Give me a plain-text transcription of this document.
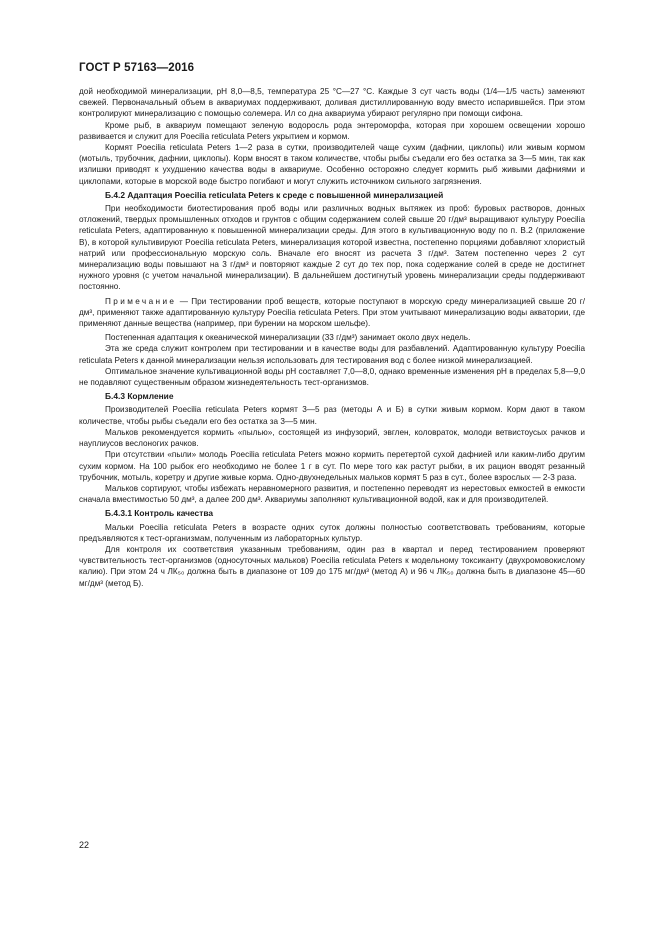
ГОСТ Р 57163—2016

дой необходимой минерализации, pH 8,0—8,5, температура 25 °С—27 °С. Каждые 3 сут часть воды (1/4—1/5 часть) заменяют свежей. Первоначальный объем в аквариумах поддерживают, доливая дистиллированную воду вместо испарившейся. При этом контролируют минерализацию с помощью солемера. Ил со дна аквариума убирают регулярно при помощи сифона.

Кроме рыб, в аквариум помещают зеленую водоросль рода энтероморфа, которая при хорошем освещении хорошо развивается и служит для Poecilia reticulata Peters укрытием и кормом.

Кормят Poecilia reticulata Peters 1—2 раза в сутки, производителей чаще сухим (дафнии, циклопы) или живым кормом (мотыль, трубочник, дафнии, циклопы). Корм вносят в таком количестве, чтобы рыбы съедали его без остатка за 3—5 мин, так как излишки приводят к ухудшению качества воды в аквариуме. Особенно осторожно следует кормить рыб живыми дафниями и циклопами, которые в морской воде быстро погибают и могут служить источником сильного загрязнения.

Б.4.2 Адаптация Poecilia reticulata Peters к среде с повышенной минерализацией

При необходимости биотестирования проб воды или различных водных вытяжек из проб: буровых растворов, донных отложений, твердых промышленных отходов и грунтов с общим содержанием солей свыше 20 г/дм³ выращивают культуру Poecilia reticulata Peters, адаптированную к повышенной минерализации среды. Для этого в культивационную воду по п. В.2 (приложение В), в которой культивируют Poecilia reticulata Peters, минерализация которой известна, постепенно порциями добавляют хлористый натрий или профессиональную морскую соль. Вначале его вносят из расчета 3 г/дм³. Затем постепенно через 2 сут минерализацию воды повышают на 3 г/дм³ и повторяют каждые 2 сут до тех пор, пока содержание солей в среде не достигнет нужного уровня (с учетом начальной минерализации). В дальнейшем достигнутый уровень минерализации среды поддерживают постоянно.

Примечание — При тестировании проб веществ, которые поступают в морскую среду минерализацией свыше 20 г/дм³, применяют также адаптированную культуру Poecilia reticulata Peters. При этом учитывают минерализацию воды акватории, где применяют данные вещества (например, при бурении на морском шельфе).

Постепенная адаптация к океанической минерализации (33 г/дм³) занимает около двух недель.

Эта же среда служит контролем при тестировании и в качестве воды для разбавлений. Адаптированную культуру Poecilia reticulata Peters к данной минерализации нельзя использовать для тестирования вод с более низкой минерализацией.

Оптимальное значение культивационной воды pH составляет 7,0—8,0, однако временные изменения pH в пределах 5,8—9,0 не подавляют существенным образом жизнедеятельность тест-организмов.

Б.4.3 Кормление

Производителей Poecilia reticulata Peters кормят 3—5 раз (методы А и Б) в сутки живым кормом. Корм дают в таком количестве, чтобы рыбы съедали его без остатка за 3—5 мин.

Мальков рекомендуется кормить «пылью», состоящей из инфузорий, эвглен, коловраток, молоди ветвистоусых рачков и науплиусов веслоногих рачков.

При отсутствии «пыли» молодь Poecilia reticulata Peters можно кормить перетертой сухой дафнией или каким-либо другим сухим кормом. На 100 рыбок его необходимо не более 1 г в сут. По мере того как растут рыбки, в их рацион вводят резанный трубочник, мотыль, коретру и другие живые корма. Одно-двухнедельных мальков кормят 5 раз в сут., более взрослых — 2-3 раза.

Мальков сортируют, чтобы избежать неравномерного развития, и постепенно переводят из нерестовых емкостей в емкости сначала вместимостью 50 дм³, а далее 200 дм³. Аквариумы заполняют культивационной водой, как и для производителей.

Б.4.3.1 Контроль качества

Мальки Poecilia reticulata Peters в возрасте одних суток должны полностью соответствовать требованиям, которые предъявляются к тест-организмам, полученным из лабораторных культур.

Для контроля их соответствия указанным требованиям, один раз в квартал и перед тестированием проверяют чувствительность тест-организмов (односуточных мальков) Poecilia reticulata Peters к модельному токсиканту (двухромовокислому калию). При этом 24 ч ЛК₅₀ должна быть в диапазоне от 109 до 175 мг/дм³ (метод А) и 96 ч ЛК₅₀ должна быть в диапазоне 45—60 мг/дм³ (метод Б).

22
